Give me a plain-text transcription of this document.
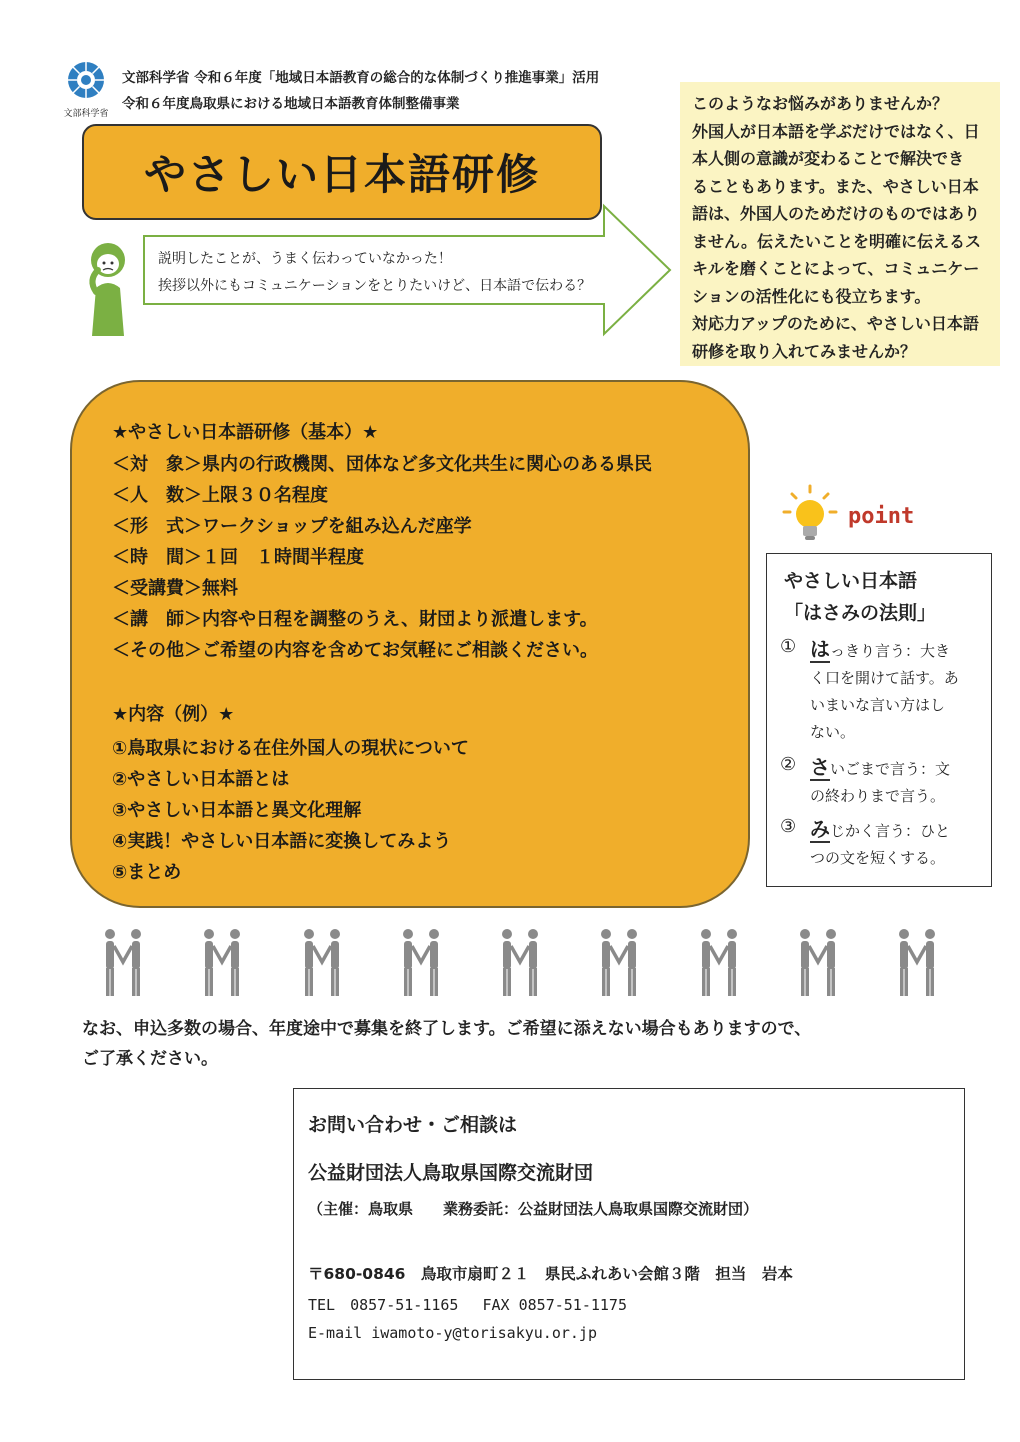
文部科学省
文部科学省 令和６年度「地域日本語教育の総合的な体制づくり推進事業」活用
令和６年度鳥取県における地域日本語教育体制整備事業
やさしい日本語研修
説明したことが、うまく伝わっていなかった！
挨拶以外にもコミュニケーションをとりたいけど、日本語で伝わる？
このようなお悩みがありませんか？
外国人が日本語を学ぶだけではなく、日
本人側の意識が変わることで解決でき
ることもあります。また、やさしい日本
語は、外国人のためだけのものではあり
ません。伝えたいことを明確に伝えるス
キルを磨くことによって、コミュニケー
ションの活性化にも役立ちます。
対応力アップのために、やさしい日本語
研修を取り入れてみませんか？
★やさしい日本語研修（基本）★
＜対　象＞県内の行政機関、団体など多文化共生に関心のある県民
＜人　数＞上限３０名程度
＜形　式＞ワークショップを組み込んだ座学
＜時　間＞１回　１時間半程度
＜受講費＞無料
＜講　師＞内容や日程を調整のうえ、財団より派遣します。
＜その他＞ご希望の内容を含めてお気軽にご相談ください。
★内容（例）★
①鳥取県における在住外国人の現状について
②やさしい日本語とは
③やさしい日本語と異文化理解
④実践！やさしい日本語に変換してみよう
⑤まとめ
point
やさしい日本語
「はさみの法則」
① はっきり言う：大き
く口を開けて話す。あ
いまいな言い方はし
ない。
② さいごまで言う：文
の終わりまで言う。
③ みじかく言う：ひと
つの文を短くする。
なお、申込多数の場合、年度途中で募集を終了します。ご希望に添えない場合もありますので、
ご了承ください。
お問い合わせ・ご相談は
公益財団法人鳥取県国際交流財団
（主催：鳥取県　　業務委託：公益財団法人鳥取県国際交流財団）
〒680-0846　鳥取市扇町２１　県民ふれあい会館３階　担当　岩本
TEL　0857-51-1165　 FAX 0857-51-1175
E-mail iwamoto-y@torisakyu.or.jp
